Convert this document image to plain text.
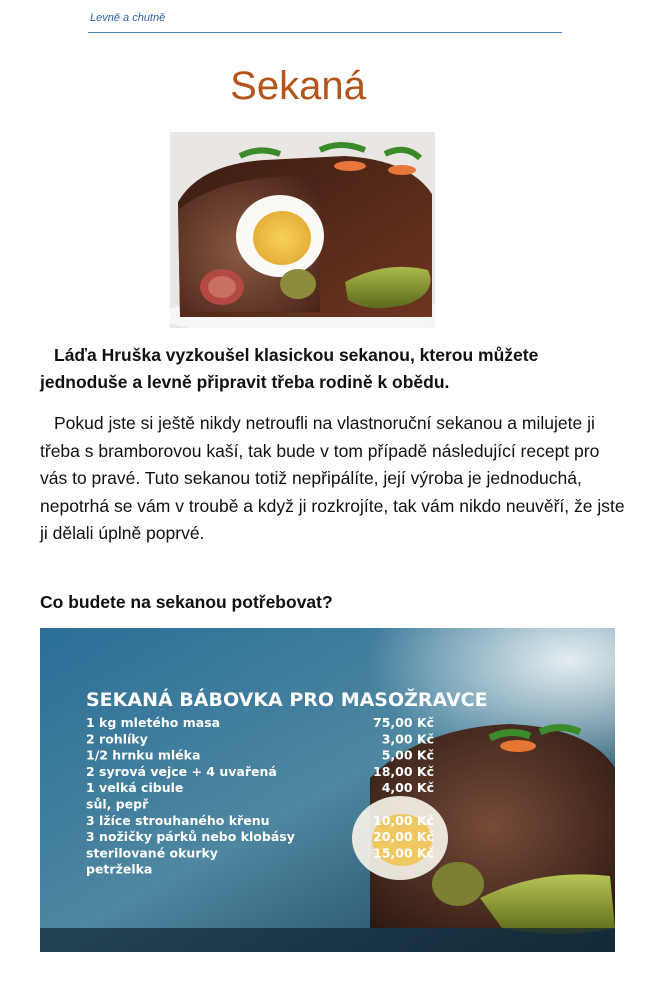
Levně a chutně
Sekaná

Láďa Hruška vyzkoušel klasickou sekanou, kterou můžete jednoduše a levně připravit třeba rodině k obědu.

Pokud jste si ještě nikdy netroufli na vlastnoruční sekanou a milujete ji třeba s bramborovou kaší, tak bude v tom případě následující recept pro vás to pravé. Tuto sekanou totiž nepřipálíte, její výroba je jednoduchá, nepotrhá se vám v troubě a když ji rozkrojíte, tak vám nikdo neuvěří, že jste ji dělali úplně poprvé.

Co budete na sekanou potřebovat?
SEKANÁ BÁBOVKA PRO MASOŽRAVCE
1 kg mletého masa	75,00 Kč
2 rohlíky	3,00 Kč
1/2 hrnku mléka	5,00 Kč
2 syrová vejce + 4 uvařená	18,00 Kč
1 velká cibule	4,00 Kč
sůl, pepř
3 lžíce strouhaného křenu	10,00 Kč
3 nožičky párků nebo klobásy	20,00 Kč
sterilované okurky	15,00 Kč
petrželka
